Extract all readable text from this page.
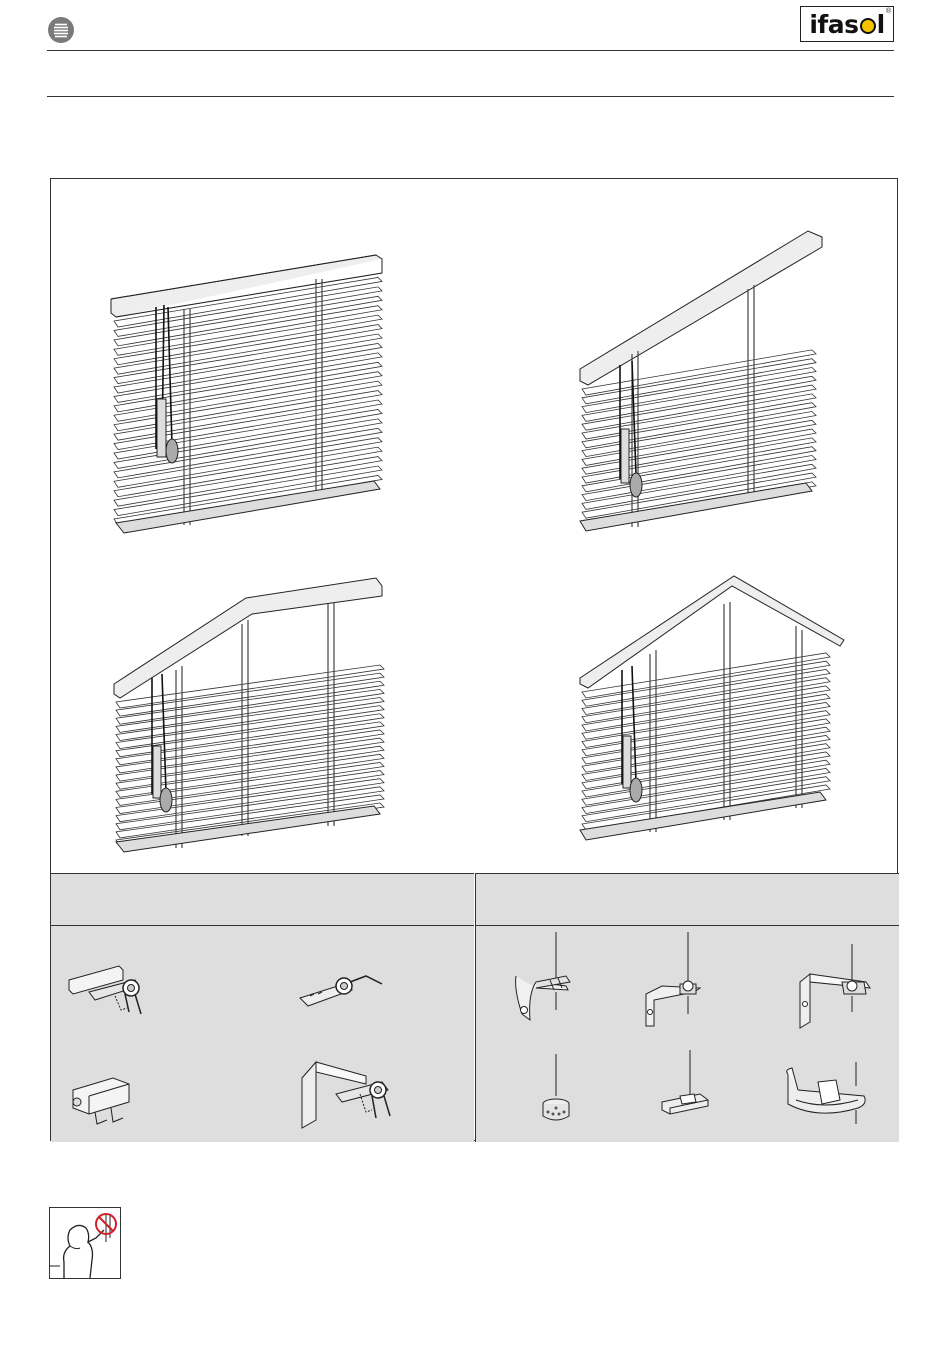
ifas l ®
